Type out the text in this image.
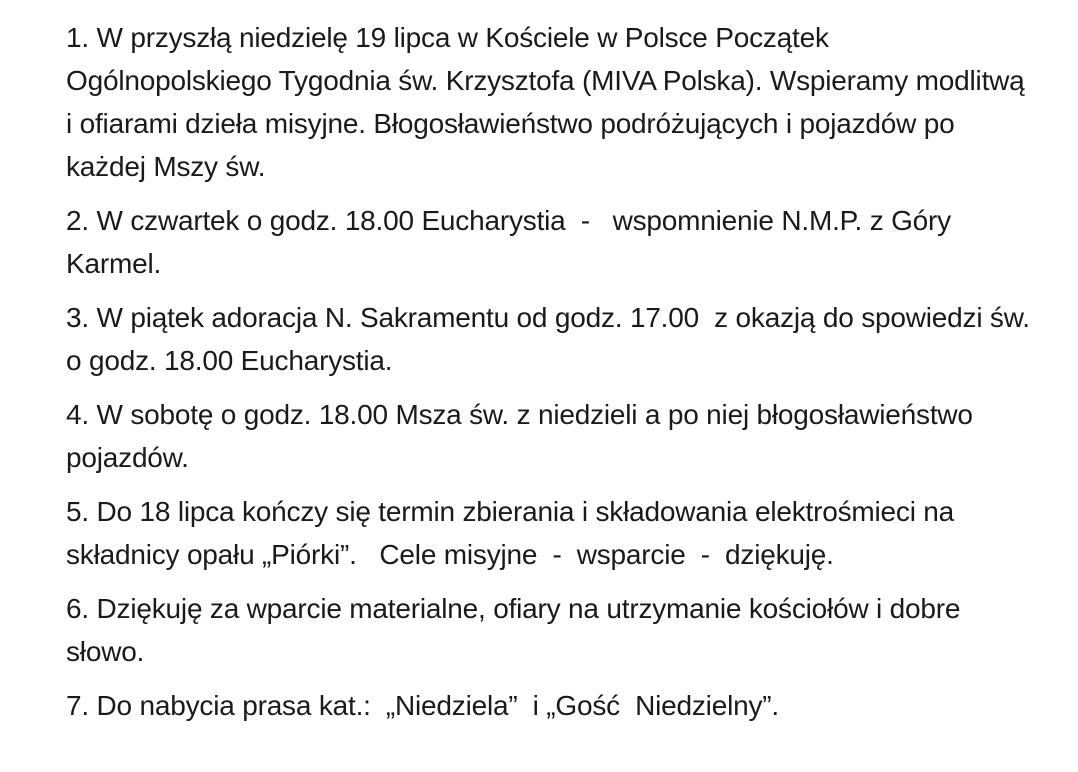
1. W przyszłą niedzielę 19 lipca w Kościele w Polsce Początek Ogólnopolskiego Tygodnia św. Krzysztofa (MIVA Polska). Wspieramy modlitwą i ofiarami dzieła misyjne. Błogosławieństwo podróżujących i pojazdów po każdej Mszy św.
2. W czwartek o godz. 18.00 Eucharystia  -   wspomnienie N.M.P. z Góry Karmel.
3. W piątek adoracja N. Sakramentu od godz. 17.00  z okazją do spowiedzi św. o godz. 18.00 Eucharystia.
4. W sobotę o godz. 18.00 Msza św. z niedzieli a po niej błogosławieństwo pojazdów.
5. Do 18 lipca kończy się termin zbierania i składowania elektrośmieci na składnicy opału „Piórki”.   Cele misyjne  -  wsparcie  -  dziękuję.
6. Dziękuję za wparcie materialne, ofiary na utrzymanie kościołów i dobre słowo.
7. Do nabycia prasa kat.:  „Niedziela”  i „Gość  Niedzielny”.
